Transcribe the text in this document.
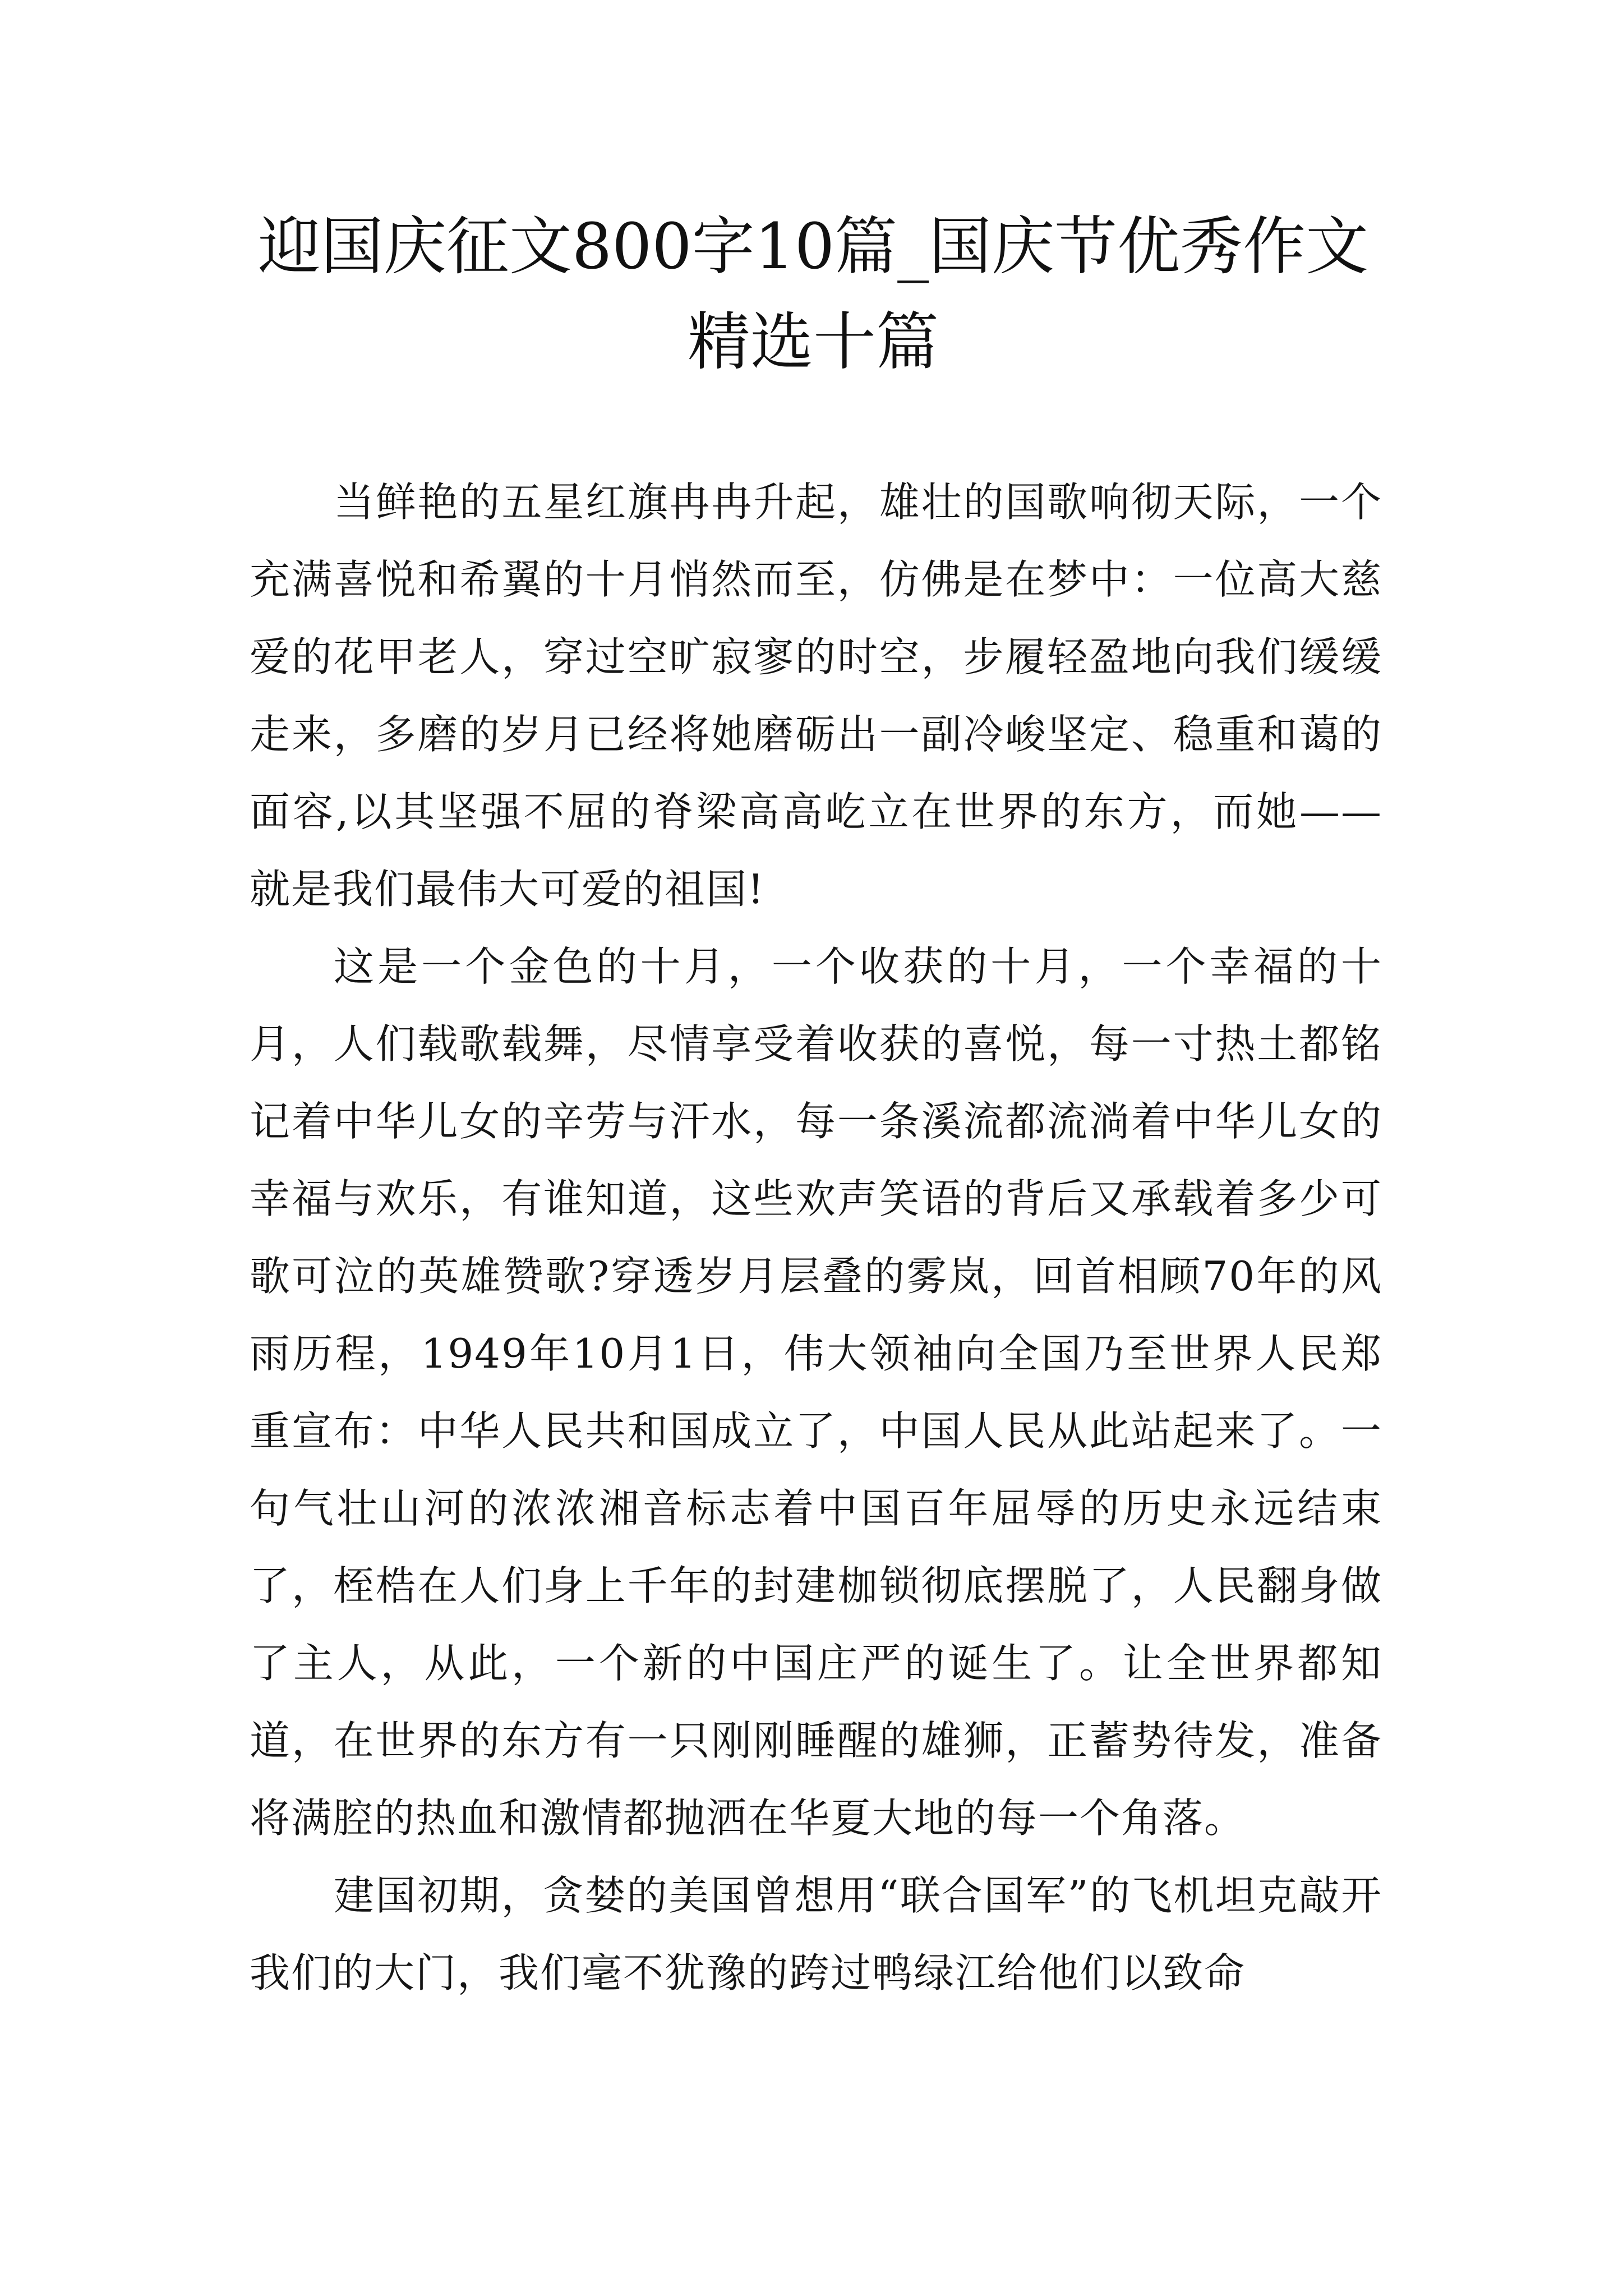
迎国庆征文800字10篇_国庆节优秀作文精选十篇

当鲜艳的五星红旗冉冉升起，雄壮的国歌响彻天际，一个充满喜悦和希翼的十月悄然而至，仿佛是在梦中：一位高大慈爱的花甲老人，穿过空旷寂寥的时空，步履轻盈地向我们缓缓走来，多磨的岁月已经将她磨砺出一副冷峻坚定、稳重和蔼的面容,以其坚强不屈的脊梁高高屹立在世界的东方，而她——就是我们最伟大可爱的祖国!

这是一个金色的十月，一个收获的十月，一个幸福的十月，人们载歌载舞，尽情享受着收获的喜悦，每一寸热土都铭记着中华儿女的辛劳与汗水，每一条溪流都流淌着中华儿女的幸福与欢乐，有谁知道，这些欢声笑语的背后又承载着多少可歌可泣的英雄赞歌?穿透岁月层叠的雾岚，回首相顾70年的风雨历程，1949年10月1日，伟大领袖向全国乃至世界人民郑重宣布：中华人民共和国成立了，中国人民从此站起来了。一句气壮山河的浓浓湘音标志着中国百年屈辱的历史永远结束了，桎梏在人们身上千年的封建枷锁彻底摆脱了，人民翻身做了主人，从此，一个新的中国庄严的诞生了。让全世界都知道，在世界的东方有一只刚刚睡醒的雄狮，正蓄势待发，准备将满腔的热血和激情都抛洒在华夏大地的每一个角落。

建国初期，贪婪的美国曾想用“联合国军”的飞机坦克敲开我们的大门，我们毫不犹豫的跨过鸭绿江给他们以致命
